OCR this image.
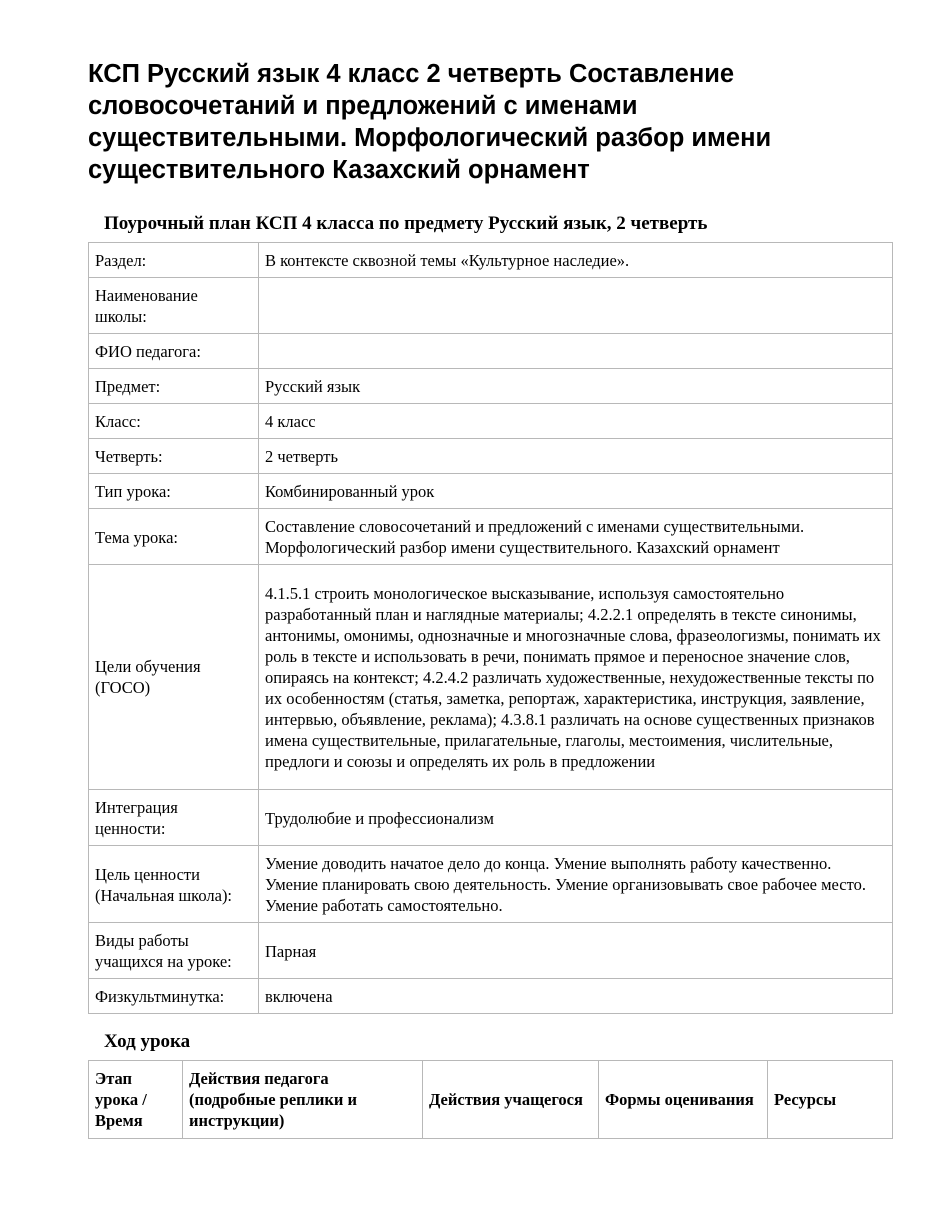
КСП Русский язык 4 класс 2 четверть Составление словосочетаний и предложений с именами существительными. Морфологический разбор имени существительного Казахский орнамент
Поурочный план КСП 4 класса по предмету Русский язык, 2 четверть
Раздел:	В контексте сквозной темы «Культурное наследие».
Наименование школы:	
ФИО педагога:	
Предмет:	Русский язык
Класс:	4 класс
Четверть:	2 четверть
Тип урока:	Комбинированный урок
Тема урока:	Составление словосочетаний и предложений с именами существительными. Морфологический разбор имени существительного. Казахский орнамент
Цели обучения (ГОСО)	4.1.5.1 строить монологическое высказывание, используя самостоятельно разработанный план и наглядные материалы; 4.2.2.1 определять в тексте синонимы, антонимы, омонимы, однозначные и многозначные слова, фразеологизмы, понимать их роль в тексте и использовать в речи, понимать прямое и переносное значение слов, опираясь на контекст; 4.2.4.2 различать художественные, нехудожественные тексты по их особенностям (статья, заметка, репортаж, характеристика, инструкция, заявление, интервью, объявление, реклама); 4.3.8.1 различать на основе существенных признаков имена существительные, прилагательные, глаголы, местоимения, числительные, предлоги и союзы и определять их роль в предложении
Интеграция ценности:	Трудолюбие и профессионализм
Цель ценности (Начальная школа):	Умение доводить начатое дело до конца. Умение выполнять работу качественно. Умение планировать свою деятельность. Умение организовывать свое рабочее место. Умение работать самостоятельно.
Виды работы учащихся на уроке:	Парная
Физкультминутка:	включена
Ход урока
Этап урока / Время	Действия педагога (подробные реплики и инструкции)	Действия учащегося	Формы оценивания	Ресурсы
